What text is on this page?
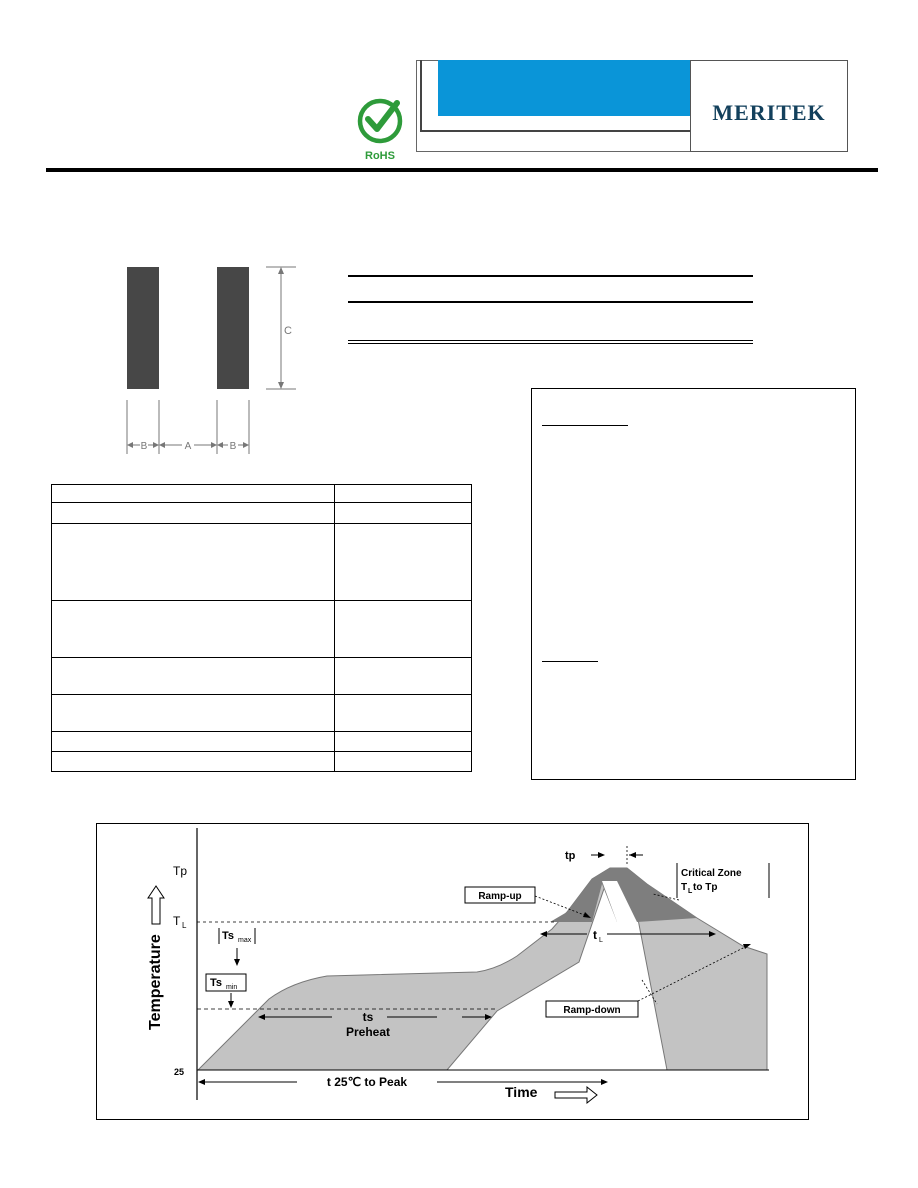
MERITEK
RoHS
C
B	A	B
Temperature
Tp
T L
25
Ts max
Ts min
ts
Preheat
t 25℃ to Peak
Time
tp
t L
Ramp-up
Ramp-down
Critical Zone
T L to Tp
